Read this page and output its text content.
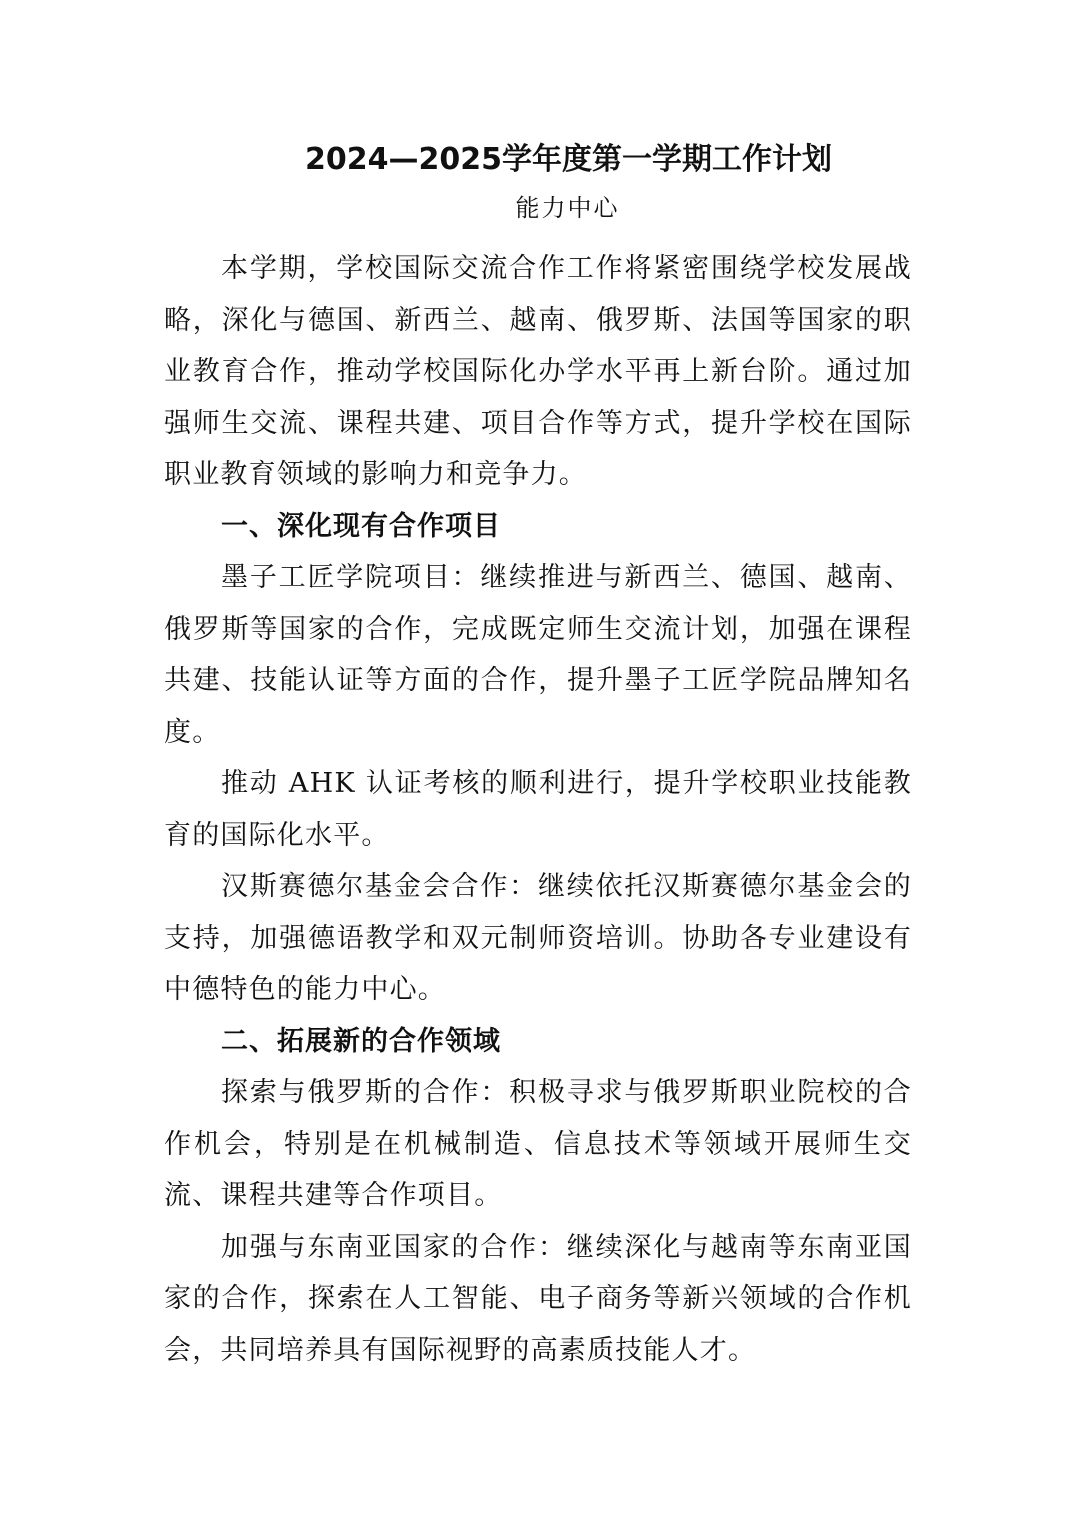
2024—2025学年度第一学期工作计划
能力中心

本学期，学校国际交流合作工作将紧密围绕学校发展战略，深化与德国、新西兰、越南、俄罗斯、法国等国家的职业教育合作，推动学校国际化办学水平再上新台阶。通过加强师生交流、课程共建、项目合作等方式，提升学校在国际职业教育领域的影响力和竞争力。

一、深化现有合作项目

墨子工匠学院项目：继续推进与新西兰、德国、越南、俄罗斯等国家的合作，完成既定师生交流计划，加强在课程共建、技能认证等方面的合作，提升墨子工匠学院品牌知名度。

推动 AHK 认证考核的顺利进行，提升学校职业技能教育的国际化水平。

汉斯赛德尔基金会合作：继续依托汉斯赛德尔基金会的支持，加强德语教学和双元制师资培训。协助各专业建设有中德特色的能力中心。

二、拓展新的合作领域

探索与俄罗斯的合作：积极寻求与俄罗斯职业院校的合作机会，特别是在机械制造、信息技术等领域开展师生交流、课程共建等合作项目。

加强与东南亚国家的合作：继续深化与越南等东南亚国家的合作，探索在人工智能、电子商务等新兴领域的合作机会，共同培养具有国际视野的高素质技能人才。
